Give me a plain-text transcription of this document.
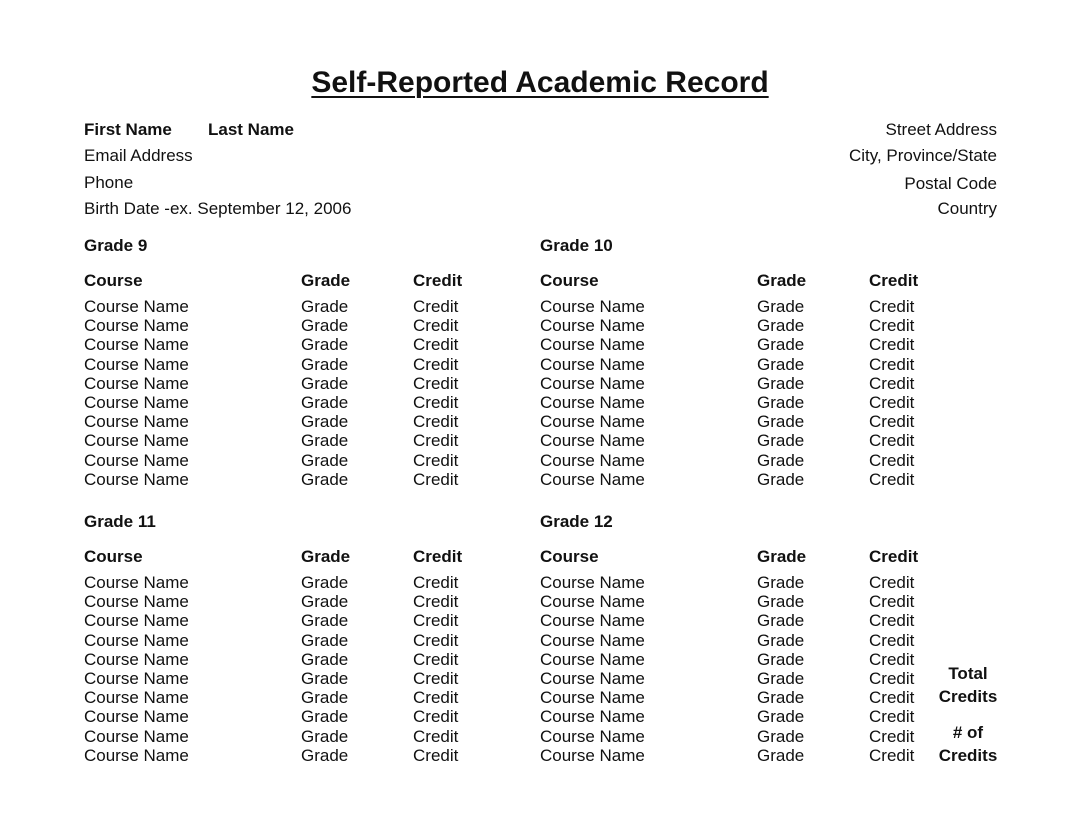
Self-Reported Academic Record
First Name Last Name
Email Address
Phone
Birth Date -ex. September 12, 2006
Street Address
City, Province/State
Postal Code
Country
Grade 9
Course	Grade	Credit
Course Name	Grade	Credit
Course Name	Grade	Credit
Course Name	Grade	Credit
Course Name	Grade	Credit
Course Name	Grade	Credit
Course Name	Grade	Credit
Course Name	Grade	Credit
Course Name	Grade	Credit
Course Name	Grade	Credit
Course Name	Grade	Credit
Grade 10
Course	Grade	Credit
Course Name	Grade	Credit
Course Name	Grade	Credit
Course Name	Grade	Credit
Course Name	Grade	Credit
Course Name	Grade	Credit
Course Name	Grade	Credit
Course Name	Grade	Credit
Course Name	Grade	Credit
Course Name	Grade	Credit
Course Name	Grade	Credit
Grade 11
Course	Grade	Credit
Course Name	Grade	Credit
Course Name	Grade	Credit
Course Name	Grade	Credit
Course Name	Grade	Credit
Course Name	Grade	Credit
Course Name	Grade	Credit
Course Name	Grade	Credit
Course Name	Grade	Credit
Course Name	Grade	Credit
Course Name	Grade	Credit
Grade 12
Course	Grade	Credit
Course Name	Grade	Credit
Course Name	Grade	Credit
Course Name	Grade	Credit
Course Name	Grade	Credit
Course Name	Grade	Credit
Course Name	Grade	Credit
Course Name	Grade	Credit
Course Name	Grade	Credit
Course Name	Grade	Credit
Course Name	Grade	Credit
Total
Credits
# of
Credits
